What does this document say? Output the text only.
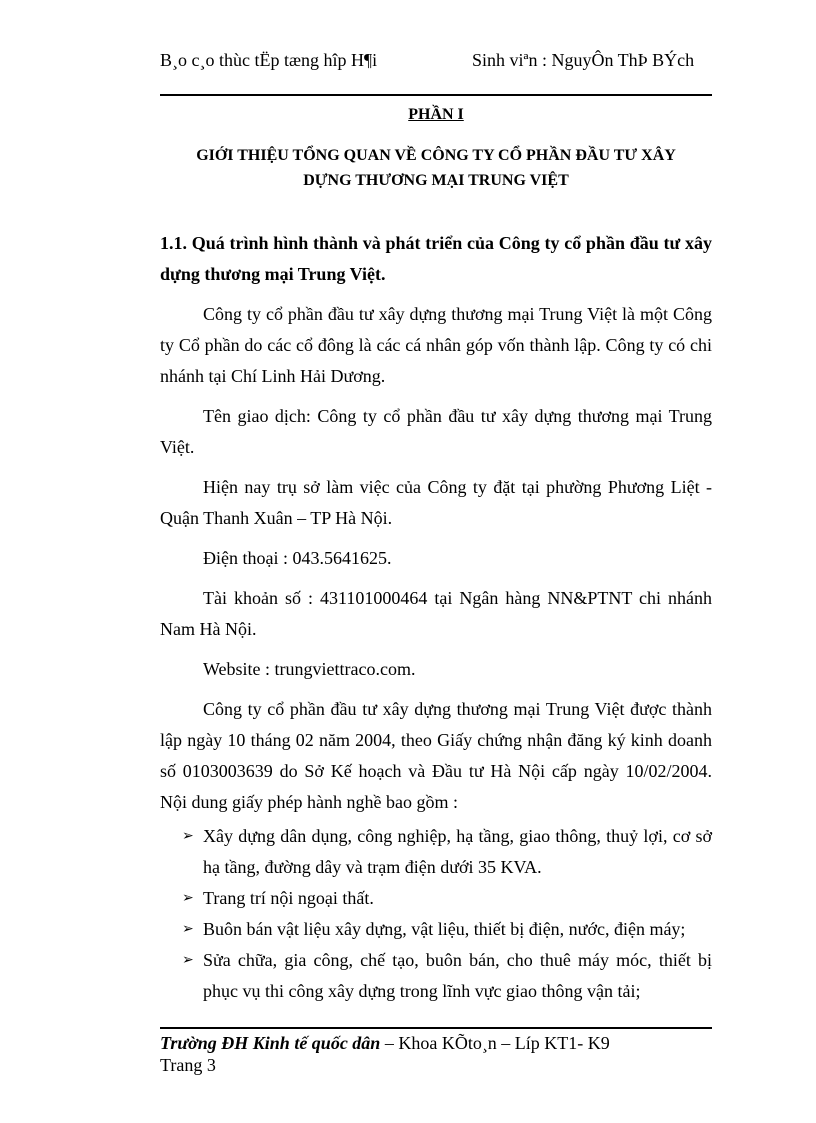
B¸o c¸o thùc tËp tæng hîp H¶i	Sinh viªn : NguyÔn ThÞ BÝch
PHẦN I
GIỚI THIỆU TỔNG QUAN VỀ CÔNG TY CỔ PHẦN ĐẦU TƯ XÂY
DỰNG THƯƠNG MẠI TRUNG VIỆT

1.1. Quá trình hình thành và phát triển của Công ty cổ phần đầu tư xây dựng thương mại Trung Việt.

Công ty cổ phần đầu tư xây dựng thương mại Trung Việt là một Công ty Cổ phần do các cổ đông là các cá nhân góp vốn thành lập. Công ty có chi nhánh tại Chí Linh Hải Dương.

Tên giao dịch: Công ty cổ phần đầu tư xây dựng thương mại Trung Việt.

Hiện nay trụ sở làm việc của Công ty đặt tại phường Phương Liệt - Quận Thanh Xuân – TP Hà Nội.

Điện thoại : 043.5641625.

Tài khoản số : 431101000464 tại Ngân hàng NN&PTNT chi nhánh Nam Hà Nội.

Website : trungviettraco.com.

Công ty cổ phần đầu tư xây dựng thương mại Trung Việt được thành lập ngày 10 tháng 02 năm 2004, theo Giấy chứng nhận đăng ký kinh doanh số 0103003639 do Sở Kế hoạch và Đầu tư Hà Nội cấp ngày 10/02/2004. Nội dung giấy phép hành nghề bao gồm :

➢ Xây dựng dân dụng, công nghiệp, hạ tầng, giao thông, thuỷ lợi, cơ sở hạ tầng, đường dây và trạm điện dưới 35 KVA.
➢ Trang trí nội ngoại thất.
➢ Buôn bán vật liệu xây dựng, vật liệu, thiết bị điện, nước, điện máy;
➢ Sửa chữa, gia công, chế tạo, buôn bán, cho thuê máy móc, thiết bị phục vụ thi công xây dựng trong lĩnh vực giao thông vận tải;
Trường ĐH Kinh tế quốc dân – Khoa KÕto¸n – Líp KT1- K9
Trang 3
